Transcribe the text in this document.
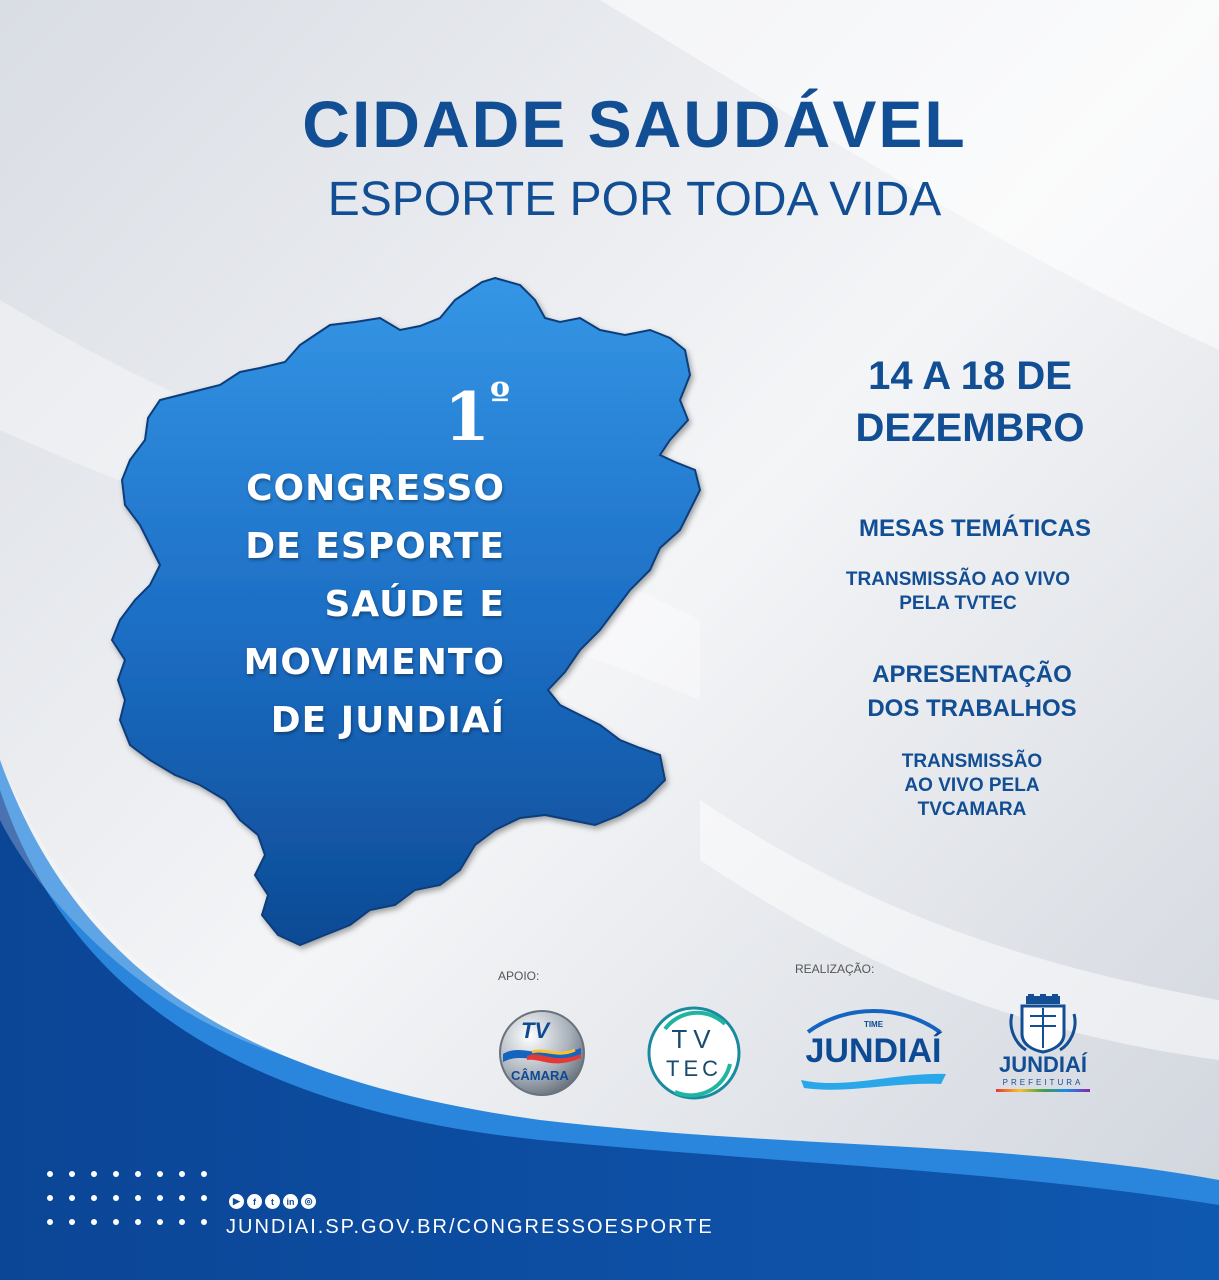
CIDADE SAUDÁVEL
ESPORTE POR TODA VIDA
$1^º$
CONGRESSO
DE ESPORTE
SAÚDE E
MOVIMENTO
DE JUNDIAÍ
14 A 18 DE
DEZEMBRO
MESAS TEMÁTICAS
TRANSMISSÃO AO VIVO
PELA TVTEC
APRESENTAÇÃO
DOS TRABALHOS
TRANSMISSÃO
AO VIVO PELA
TVCAMARA
APOIO:	REALIZAÇÃO:
TV
CÂMARA
TV
TEC
TIME
JUNDIAÍ	JUNDIAÍ
PREFEITURA
▶	f	t	in	◎
JUNDIAI.SP.GOV.BR/CONGRESSOESPORTE
